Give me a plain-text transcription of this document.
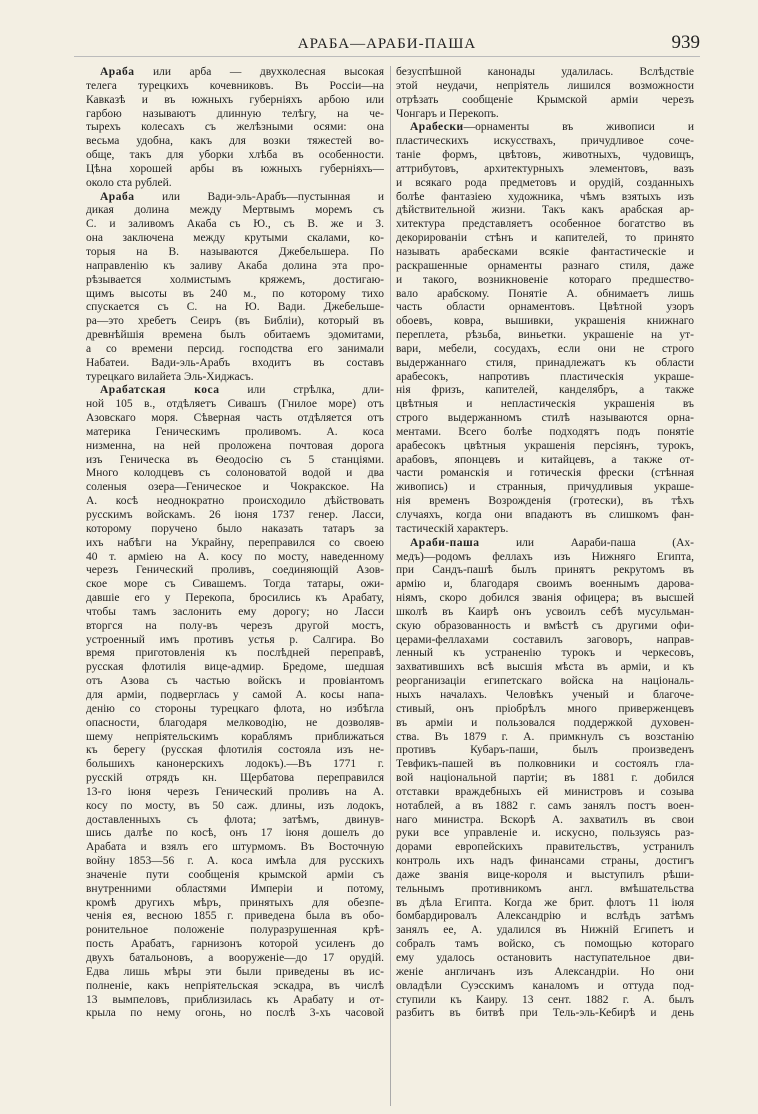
АРАБА—АРАБИ-ПАША	939
Араба или арба — двухколесная высокая
телега турецкихъ кочевниковъ. Въ Россiи—на
Кавказѣ и въ южныхъ губернiяхъ арбою или
гарбою называютъ длинную телѣгу, на че-
тырехъ колесахъ съ желѣзными осями: она
весьма удобна, какъ для возки тяжестей во-
обще, такъ для уборки хлѣба въ особенности.
Цѣна хорошей арбы въ южныхъ губернiяхъ—
около ста рублей.
Араба или Вади-эль-Арабъ—пустынная и
дикая долина между Мертвымъ моремъ съ
С. и заливомъ Акаба съ Ю., съ В. же и З.
она заключена между крутыми скалами, ко-
торыя на В. называются Джебельшера. По
направленiю къ заливу Акаба долина эта про-
рѣзывается холмистымъ кряжемъ, достигаю-
щимъ высоты въ 240 м., по которому тихо
спускается съ С. на Ю. Вади. Джебельше-
ра—это хребетъ Сеиръ (въ Библiи), который въ
древнѣйшiя времена былъ обитаемъ эдомитами,
а со времени персид. господства его занимали
Набатеи. Вади-эль-Арабъ входитъ въ составъ
турецкаго вилайета Эль-Хиджасъ.
Арабатская коса или стрѣлка, дли-
ной 105 в., отдѣляетъ Сивашъ (Гнилое море) отъ
Азовскаго моря. Сѣверная часть отдѣляется отъ
материка Геническимъ проливомъ. А. коса
низменна, на ней проложена почтовая дорога
изъ Геническа въ Ѳеодосiю съ 5 станцiями.
Много колодцевъ съ солоноватой водой и два
соленыя озера—Геническое и Чокракское. На
А. косѣ неоднократно происходило дѣйствовать
русскимъ войскамъ. 26 iюня 1737 генер. Ласси,
которому поручено было наказать татаръ за
ихъ набѣги на Украйну, переправился со своею
40 т. армiею на А. косу по мосту, наведенному
черезъ Генический проливъ, соединяющiй Азов-
ское море съ Сивашемъ. Тогда татары, ожи-
давшiе его у Перекопа, бросились къ Арабату,
чтобы тамъ заслонить ему дорогу; но Ласси
вторгся на полу-въ черезъ другой мостъ,
устроенный имъ противъ устья р. Салгира. Во
время приготовленiя къ послѣдней переправѣ,
русская флотилiя вице-адмир. Бредоме, шедшая
отъ Азова съ частью войскъ и провiантомъ
для армiи, подверглась у самой А. косы напа-
денiю со стороны турецкаго флота, но избѣгла
опасности, благодаря мелководiю, не дозволяв-
шему непрiятельскимъ кораблямъ приближаться
къ берегу (русская флотилiя состояла изъ не-
большихъ канонерскихъ лодокъ).—Въ 1771 г.
русскiй отрядъ кн. Щербатова переправился
13-го iюня черезъ Генический проливъ на А.
косу по мосту, въ 50 саж. длины, изъ лодокъ,
доставленныхъ съ флота; затѣмъ, двинув-
шись далѣе по косѣ, онъ 17 iюня дошелъ до
Арабата и взялъ его штурмомъ. Въ Восточную
войну 1853—56 г. А. коса имѣла для русскихъ
значенiе пути сообщенiя крымской армiи съ
внутренними областями Имперiи и потому,
кромѣ другихъ мѣръ, принятыхъ для обезпе-
ченiя ея, весною 1855 г. приведена была въ обо-
ронительное положенiе полуразрушенная крѣ-
пость Арабатъ, гарнизонъ которой усиленъ до
двухъ батальоновъ, а вооруженiе—до 17 орудiй.
Едва лишь мѣры эти были приведены въ ис-
полненiе, какъ непрiятельская эскадра, въ числѣ
13 вымпеловъ, приблизилась къ Арабату и от-
крыла по нему огонь, но послѣ 3-хъ часовой
безуспѣшной канонады удалилась. Вслѣдствiе
этой неудачи, непрiятель лишился возможности
отрѣзать сообщенiе Крымской армiи черезъ
Чонгаръ и Перекопъ.
Арабески—орнаменты въ живописи и
пластическихъ искусствахъ, причудливое соче-
танiе формъ, цвѣтовъ, животныхъ, чудовищъ,
аттрибутовъ, архитектурныхъ элементовъ, вазъ
и всякаго рода предметовъ и орудiй, созданныхъ
болѣе фантазiею художника, чѣмъ взятыхъ изъ
дѣйствительной жизни. Такъ какъ арабская ар-
хитектура представляетъ особенное богатство въ
декорированiи стѣнъ и капителей, то принято
называть арабесками всякiе фантастическiе и
раскрашенные орнаменты разнаго стиля, даже
и такого, возникновенiе котораго предшество-
вало арабскому. Понятiе А. обнимаетъ лишь
часть области орнаментовъ. Цвѣтной узоръ
обоевъ, ковра, вышивки, украшенiя книжнаго
переплета, рѣзьба, виньетки. украшенiе на ут-
вари, мебели, сосудахъ, если они не строго
выдержаннаго стиля, принадлежатъ къ области
арабесокъ, напротивъ пластическiя украше-
нiя фризъ, капителей, канделябръ, а также
цвѣтныя и непластическiя украшенiя въ
строго выдержанномъ стилѣ называются орна-
ментами. Всего болѣе подходятъ подъ понятiе
арабесокъ цвѣтныя украшенiя персiянъ, турокъ,
арабовъ, японцевъ и китайцевъ, а также от-
части романскiя и готическiя фрески (стѣнная
живопись) и странныя, причудливыя украше-
нiя временъ Возрожденiя (гротески), въ тѣхъ
случаяхъ, когда они впадаютъ въ слишкомъ фан-
тастическiй характеръ.
Араби-паша или Аараби-паша (Ах-
медъ)—родомъ феллахъ изъ Нижняго Египта,
при Сандъ-пашѣ былъ принятъ рекрутомъ въ
армiю и, благодаря своимъ военнымъ дарова-
нiямъ, скоро добился званiя офицера; въ высшей
школѣ въ Каирѣ онъ усвоилъ себѣ мусульман-
скую образованность и вмѣстѣ съ другими офи-
церами-феллахами составилъ заговоръ, направ-
ленный къ устраненiю турокъ и черкесовъ,
захватившихъ всѣ высшiя мѣста въ армiи, и къ
реорганизацiи египетскаго войска на нацiональ-
ныхъ началахъ. Человѣкъ ученый и благоче-
стивый, онъ прiобрѣлъ много приверженцевъ
въ армiи и пользовался поддержкой духовен-
ства. Въ 1879 г. А. примкнулъ съ возстанiю
противъ Кубаръ-паши, былъ произведенъ
Тевфикъ-пашей въ полковники и состоялъ гла-
вой нацiональной партiи; въ 1881 г. добился
отставки враждебныхъ ей министровъ и созыва
нотаблей, а въ 1882 г. самъ занялъ постъ воен-
наго министра. Вскорѣ А. захватилъ въ свои
руки все управленiе и. искусно, пользуясь раз-
дорами европейскихъ правительствъ, устранилъ
контроль ихъ надъ финансами страны, достигъ
даже званiя вице-короля и выступилъ рѣши-
тельнымъ противникомъ англ. вмѣшательства
въ дѣла Египта. Когда же брит. флотъ 11 iюля
бомбардировалъ Александрiю и вслѣдъ затѣмъ
занялъ ее, А. удалился въ Нижнiй Египетъ и
собралъ тамъ войско, съ помощью котораго
ему удалось остановить наступательное дви-
женiе англичанъ изъ Александрiи. Но они
овладѣли Суэсскимъ каналомъ и оттуда под-
ступили къ Каиру. 13 сент. 1882 г. А. былъ
разбитъ въ битвѣ при Тель-эль-Кебирѣ и день
